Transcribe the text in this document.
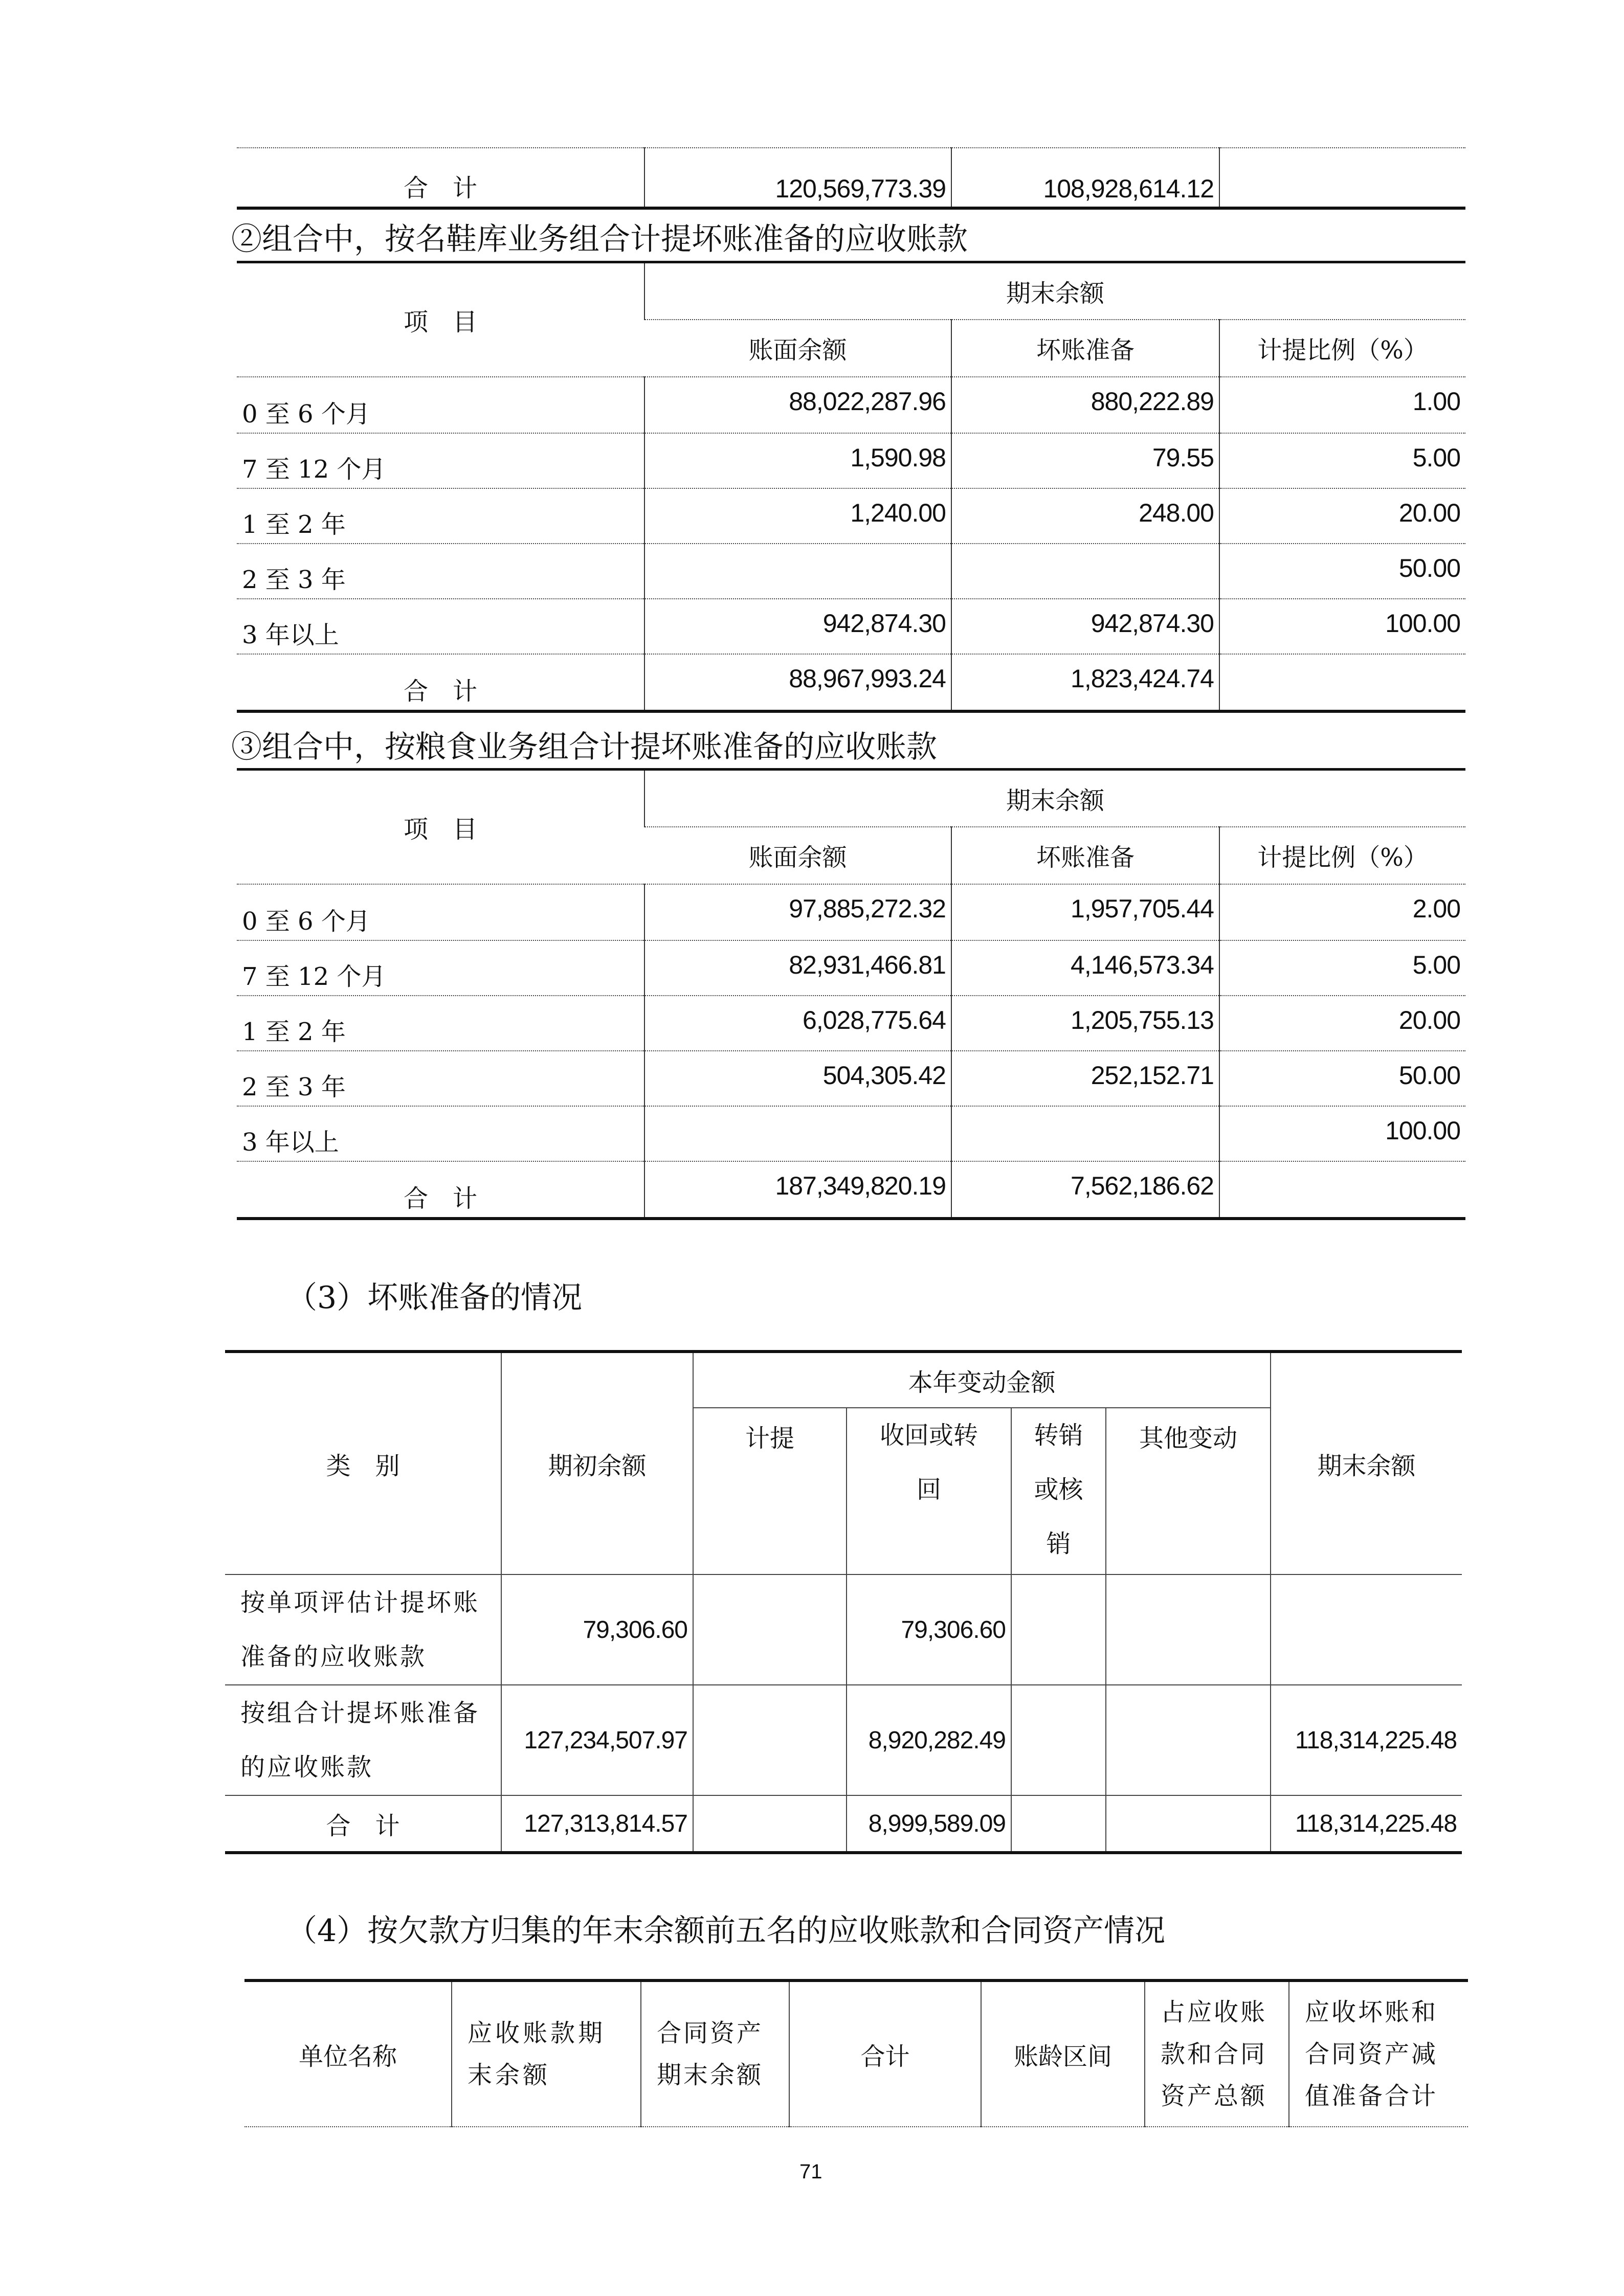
合　计	120,569,773.39	108,928,614.12	
②组合中，按名鞋库业务组合计提坏账准备的应收账款
项　目	期末余额		
	账面余额	坏账准备	计提比例（%）
0 至 6 个月	88,022,287.96	880,222.89	1.00
7 至 12 个月	1,590.98	79.55	5.00
1 至 2 年	1,240.00	248.00	20.00
2 至 3 年			50.00
3 年以上	942,874.30	942,874.30	100.00
合　计	88,967,993.24	1,823,424.74	
③组合中，按粮食业务组合计提坏账准备的应收账款
项　目	期末余额		
	账面余额	坏账准备	计提比例（%）
0 至 6 个月	97,885,272.32	1,957,705.44	2.00
7 至 12 个月	82,931,466.81	4,146,573.34	5.00
1 至 2 年	6,028,775.64	1,205,755.13	20.00
2 至 3 年	504,305.42	252,152.71	50.00
3 年以上			100.00
合　计	187,349,820.19	7,562,186.62	
（3）坏账准备的情况
类　别	期初余额	本年变动金额				期末余额
		计提	收回或转回	转销或核销	其他变动	
按单项评估计提坏账准备的应收账款	79,306.60		79,306.60			
按组合计提坏账准备的应收账款	127,234,507.97		8,920,282.49			118,314,225.48
合　计	127,313,814.57		8,999,589.09			118,314,225.48
（4）按欠款方归集的年末余额前五名的应收账款和合同资产情况
单位名称	应收账款期末余额	合同资产期末余额	合计	账龄区间	占应收账款和合同资产总额	应收坏账和合同资产减值准备合计
71
